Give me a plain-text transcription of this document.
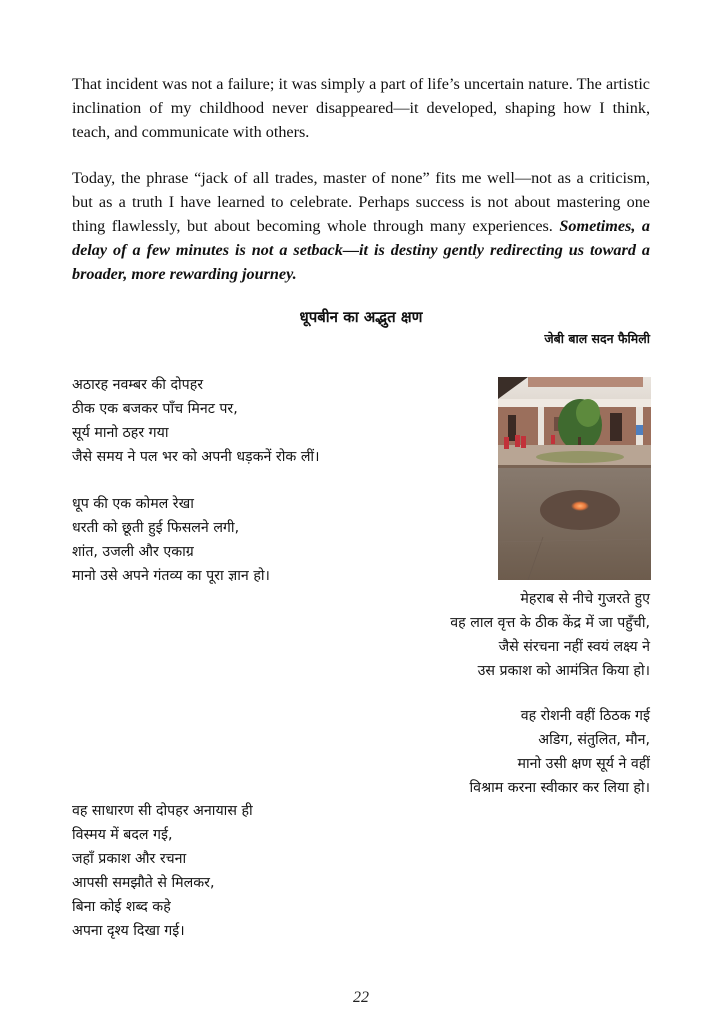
That incident was not a failure; it was simply a part of life’s uncertain nature. The artistic inclination of my childhood never disappeared—it developed, shaping how I think, teach, and communicate with others.

Today, the phrase “jack of all trades, master of none” fits me well—not as a criticism, but as a truth I have learned to celebrate. Perhaps success is not about mastering one thing flawlessly, but about becoming whole through many experiences. Sometimes, a delay of a few minutes is not a setback—it is destiny gently redirecting us toward a broader, more rewarding journey.

धूपबीन का अद्भुत क्षण
जेबी बाल सदन फैमिली
अठारह नवम्बर की दोपहर
ठीक एक बजकर पाँच मिनट पर,
सूर्य मानो ठहर गया
जैसे समय ने पल भर को अपनी धड़कनें रोक लीं।
धूप की एक कोमल रेखा
धरती को छूती हुई फिसलने लगी,
शांत, उजली और एकाग्र
मानो उसे अपने गंतव्य का पूरा ज्ञान हो।
मेहराब से नीचे गुजरते हुए
वह लाल वृत्त के ठीक केंद्र में जा पहुँची,
जैसे संरचना नहीं स्वयं लक्ष्य ने
उस प्रकाश को आमंत्रित किया हो।
वह रोशनी वहीं ठिठक गई
अडिग, संतुलित, मौन,
मानो उसी क्षण सूर्य ने वहीं
विश्राम करना स्वीकार कर लिया हो।
वह साधारण सी दोपहर अनायास ही
विस्मय में बदल गई,
जहाँ प्रकाश और रचना
आपसी समझौते से मिलकर,
बिना कोई शब्द कहे
अपना दृश्य दिखा गई।
22
